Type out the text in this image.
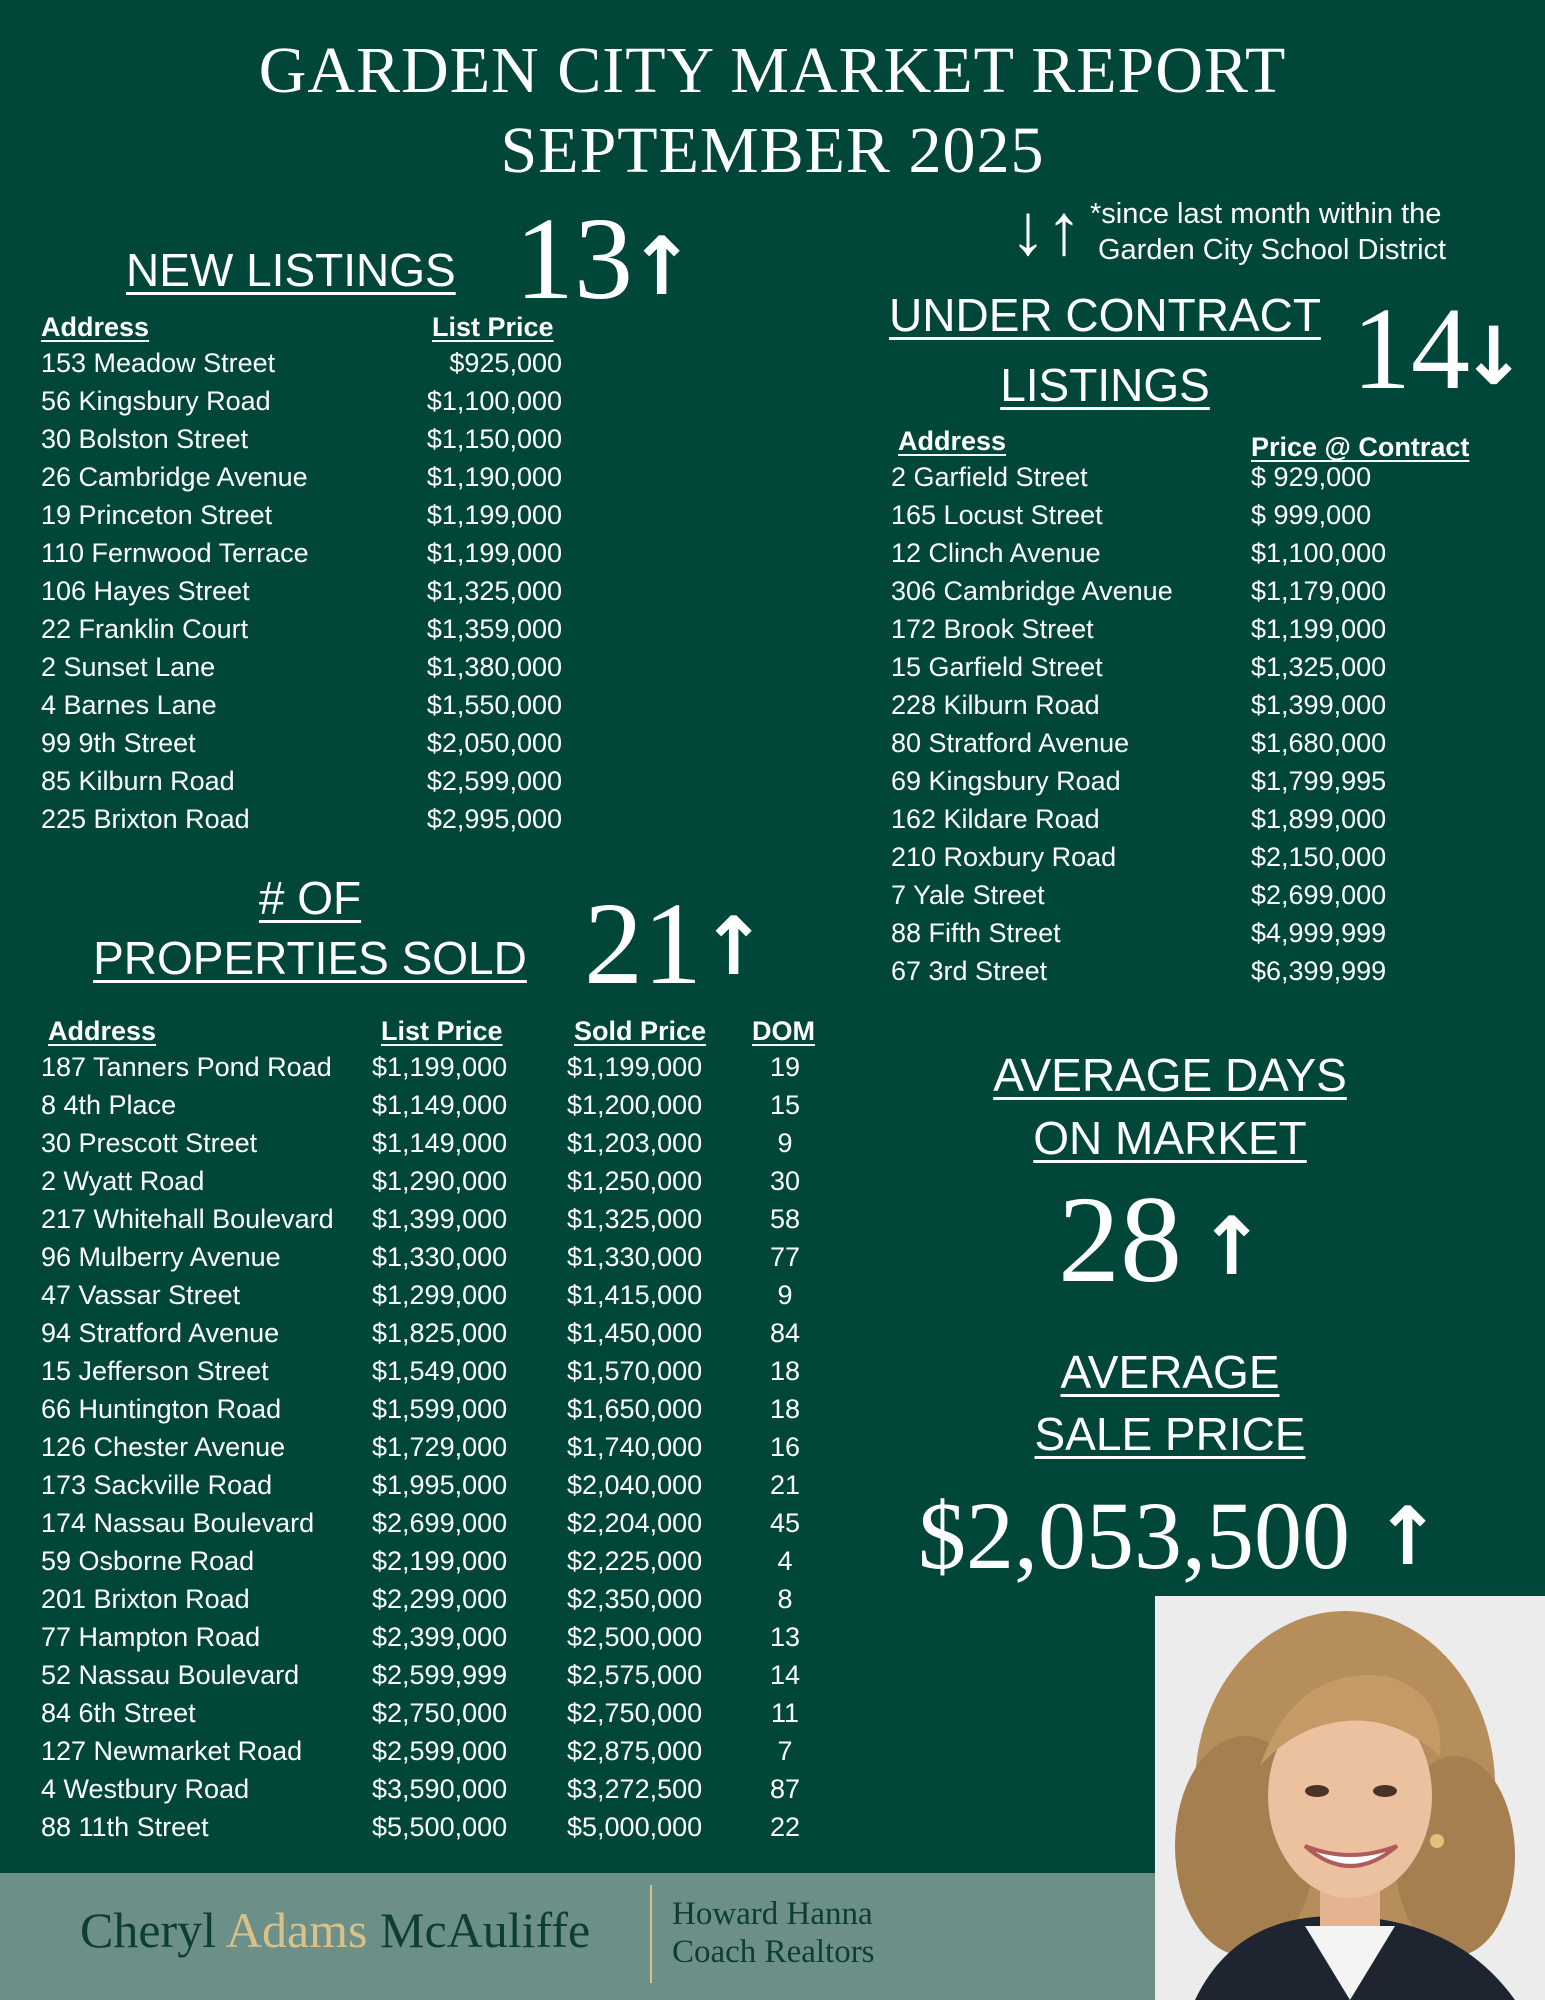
GARDEN CITY MARKET REPORT
SEPTEMBER 2025
↓↑ *since last month within the
Garden City School District
NEW LISTINGS 13
↑
Address	List Price
153 Meadow Street	$925,000
56 Kingsbury Road	$1,100,000
30 Bolston Street	$1,150,000
26 Cambridge Avenue	$1,190,000
19 Princeton Street	$1,199,000
110 Fernwood Terrace	$1,199,000
106 Hayes Street	$1,325,000
22 Franklin Court	$1,359,000
2 Sunset Lane	$1,380,000
4 Barnes Lane	$1,550,000
99 9th Street	$2,050,000
85 Kilburn Road	$2,599,000
225 Brixton Road	$2,995,000
UNDER CONTRACT
LISTINGS	14
↓
Address	Price @ Contract
2 Garfield Street	$ 929,000
165 Locust Street	$ 999,000
12 Clinch Avenue	$1,100,000
306 Cambridge Avenue	$1,179,000
172 Brook Street	$1,199,000
15 Garfield Street	$1,325,000
228 Kilburn Road	$1,399,000
80 Stratford Avenue	$1,680,000
69 Kingsbury Road	$1,799,995
162 Kildare Road	$1,899,000
210 Roxbury Road	$2,150,000
7 Yale Street	$2,699,000
88 Fifth Street	$4,999,999
67 3rd Street	$6,399,999
# OF
PROPERTIES SOLD 21
↑
Address	List Price	Sold Price DOM
187 Tanners Pond Road $1,199,000 $1,199,000	19
8 4th Place	$1,149,000 $1,200,000	15
30 Prescott Street	$1,149,000 $1,203,000	9
2 Wyatt Road	$1,290,000 $1,250,000	30
217 Whitehall Boulevard $1,399,000 $1,325,000	58
96 Mulberry Avenue	$1,330,000 $1,330,000	77
47 Vassar Street	$1,299,000 $1,415,000	9
94 Stratford Avenue	$1,825,000 $1,450,000	84
15 Jefferson Street	$1,549,000 $1,570,000	18
66 Huntington Road	$1,599,000 $1,650,000	18
126 Chester Avenue	$1,729,000 $1,740,000	16
173 Sackville Road	$1,995,000 $2,040,000	21
174 Nassau Boulevard $2,699,000 $2,204,000	45
59 Osborne Road	$2,199,000 $2,225,000	4
201 Brixton Road	$2,299,000 $2,350,000	8
77 Hampton Road	$2,399,000 $2,500,000	13
52 Nassau Boulevard	$2,599,999 $2,575,000	14
84 6th Street	$2,750,000 $2,750,000	11
127 Newmarket Road	$2,599,000 $2,875,000	7
4 Westbury Road	$3,590,000 $3,272,500	87
88 11th Street	$5,500,000 $5,000,000	22
AVERAGE DAYS
ON MARKET
28 ↑
AVERAGE
SALE PRICE
$2,053,500 ↑
Cheryl Adams McAuliffe Howard Hanna
Coach Realtors
